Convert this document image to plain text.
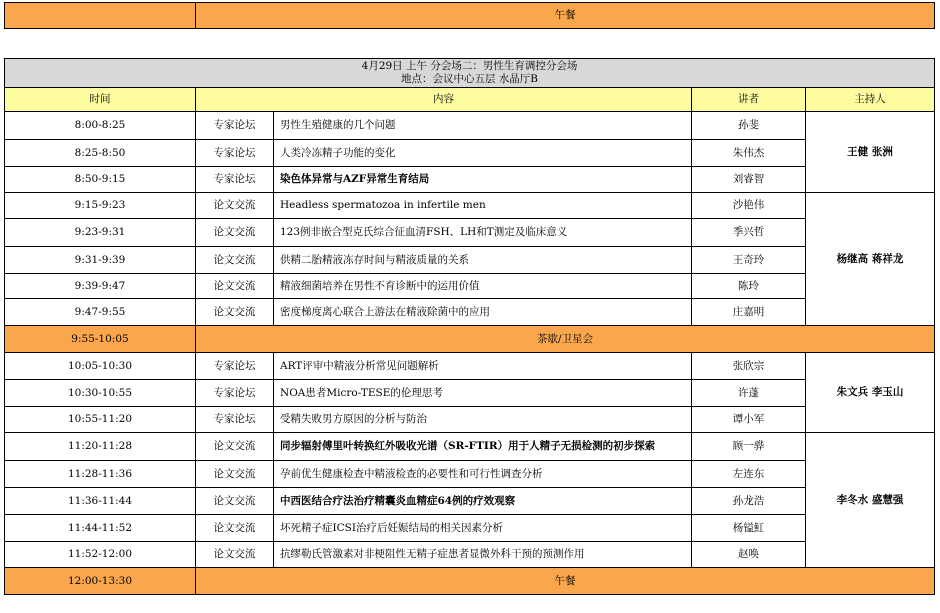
	午餐
4月29日 上午 分会场二：男性生育调控分会场
地点：会议中心五层 水晶厅B				

时间	内容		讲者	主持人
8:00-8:25	专家论坛	男性生殖健康的几个问题	孙斐	王健 张洲
8:25-8:50	专家论坛	人类冷冻精子功能的变化	朱伟杰	
8:50-9:15	专家论坛	染色体异常与AZF异常生育结局	刘睿智	
9:15-9:23	论文交流	Headless spermatozoa in infertile men	沙艳伟	杨继高 蒋祥龙
9:23-9:31	论文交流	123例非嵌合型克氏综合征血清FSH、LH和T测定及临床意义	季兴哲	
9:31-9:39	论文交流	供精二胎精液冻存时间与精液质量的关系	王奇玲	
9:39-9:47	论文交流	精液细菌培养在男性不育诊断中的运用价值	陈玲	
9:47-9:55	论文交流	密度梯度离心联合上游法在精液除菌中的应用	庄嘉明	
9:55-10:05	茶歇/卫星会			
10:05-10:30	专家论坛	ART评审中精液分析常见问题解析	张欣宗	朱文兵 李玉山
10:30-10:55	专家论坛	NOA患者Micro-TESE的伦理思考	许蓬	
10:55-11:20	专家论坛	受精失败男方原因的分析与防治	谭小军	
11:20-11:28	论文交流	同步辐射傅里叶转换红外吸收光谱（SR-FTIR）用于人精子无损检测的初步探索	顾一骅	李冬水 盛慧强
11:28-11:36	论文交流	孕前优生健康检查中精液检查的必要性和可行性调查分析	左连东	
11:36-11:44	论文交流	中西医结合疗法治疗精囊炎血精症64例的疗效观察	孙龙浩	
11:44-11:52	论文交流	坏死精子症ICSI治疗后妊娠结局的相关因素分析	杨镒魟	
11:52-12:00	论文交流	抗缪勒氏管激素对非梗阻性无精子症患者显微外科干预的预测作用	赵唤	
12:00-13:30	午餐			
